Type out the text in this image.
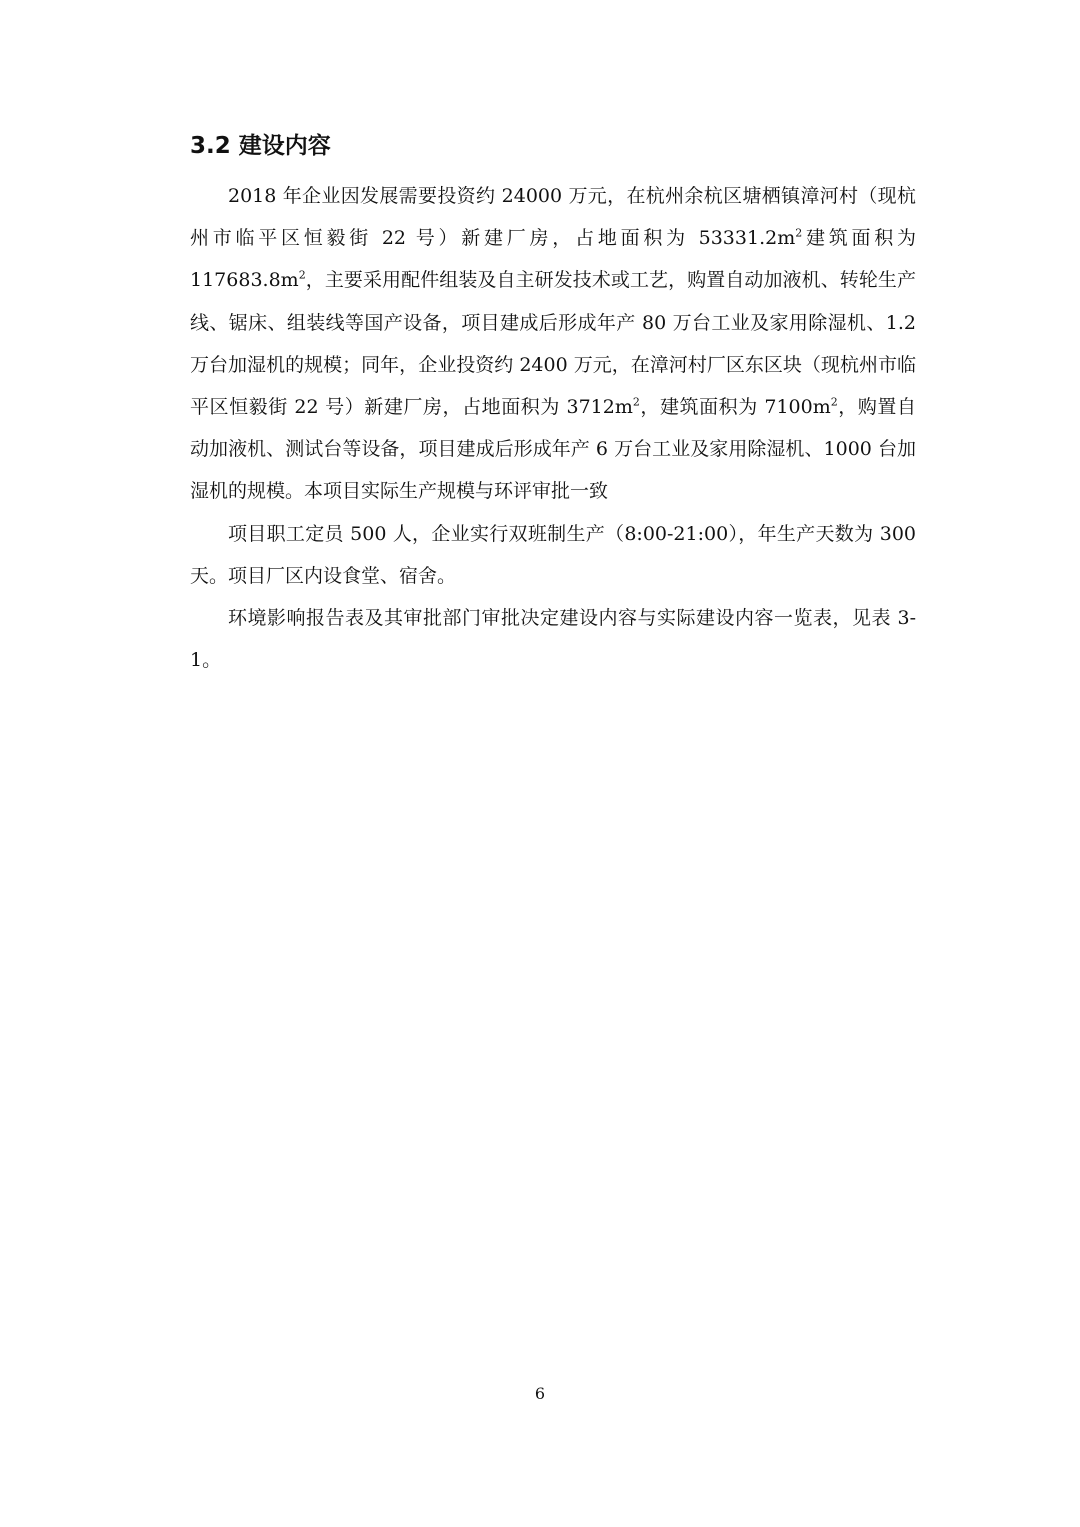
3.2 建设内容

2018 年企业因发展需要投资约 24000 万元，在杭州余杭区塘栖镇漳河村（现杭州市临平区恒毅街 22 号）新建厂房，占地面积为 $53331.2m^2$建筑面积为 $117683.8m^2$，主要采用配件组装及自主研发技术或工艺，购置自动加液机、转轮生产线、锯床、组装线等国产设备，项目建成后形成年产 80 万台工业及家用除湿机、1.2 万台加湿机的规模；同年，企业投资约 2400 万元，在漳河村厂区东区块（现杭州市临平区恒毅街 22 号）新建厂房，占地面积为 $3712m^2$，建筑面积为 $7100m^2$，购置自动加液机、测试台等设备，项目建成后形成年产 6 万台工业及家用除湿机、1000 台加湿机的规模。本项目实际生产规模与环评审批一致

项目职工定员 500 人，企业实行双班制生产（8:00-21:00），年生产天数为 300 天。项目厂区内设食堂、宿舍。

环境影响报告表及其审批部门审批决定建设内容与实际建设内容一览表，见表 3-1。

6
